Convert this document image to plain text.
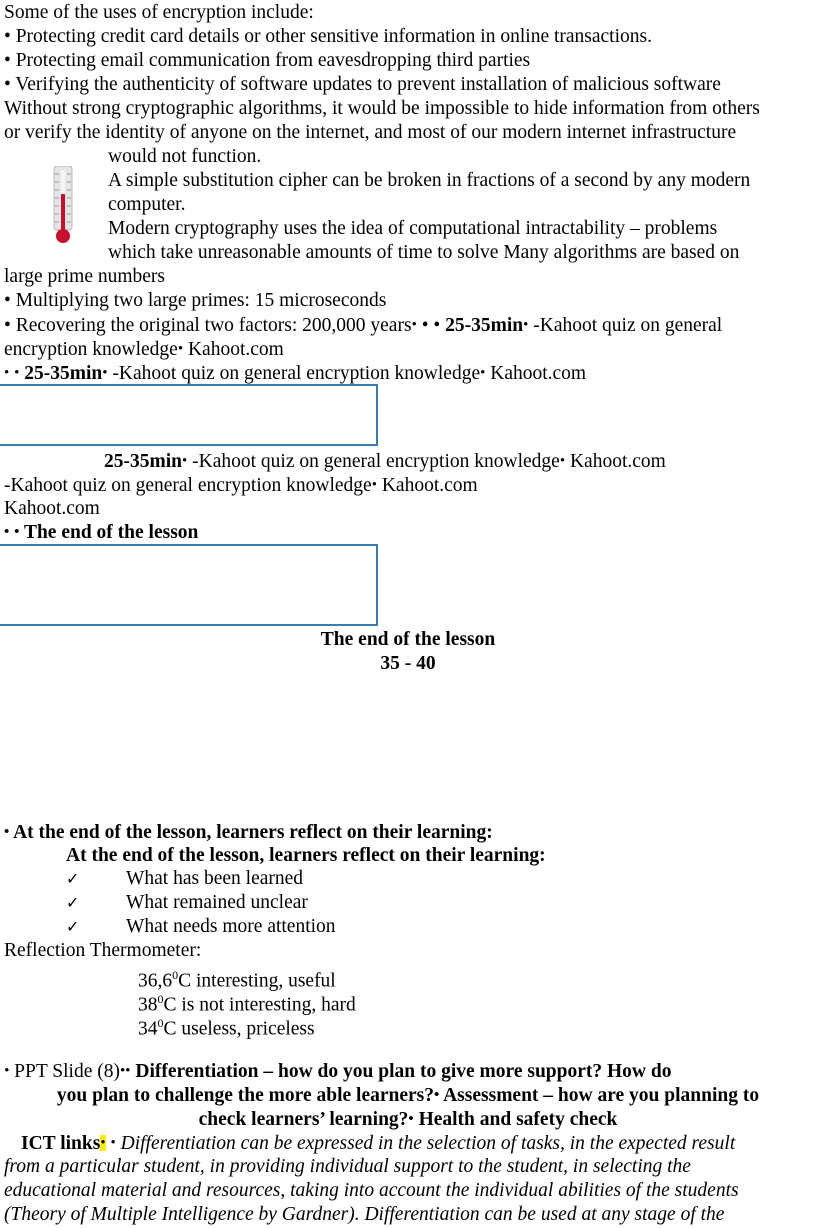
Some of the uses of encryption include:
• Protecting credit card details or other sensitive information in online transactions.
• Protecting email communication from eavesdropping third parties
• Verifying the authenticity of software updates to prevent installation of malicious software
Without strong cryptographic algorithms, it would be impossible to hide information from others
or verify the identity of anyone on the internet, and most of our modern internet infrastructure
would not function.
A simple substitution cipher can be broken in fractions of a second by any modern
computer.
Modern cryptography uses the idea of computational intractability – problems
which take unreasonable amounts of time to solve Many algorithms are based on
large prime numbers
• Multiplying two large primes: 15 microseconds
• Recovering the original two factors: 200,000 years• • • 25-35min• -Kahoot quiz on general
encryption knowledge• Kahoot.com
• • 25-35min• -Kahoot quiz on general encryption knowledge• Kahoot.com
25-35min• -Kahoot quiz on general encryption knowledge• Kahoot.com
-Kahoot quiz on general encryption knowledge• Kahoot.com
Kahoot.com
• • The end of the lesson
The end of the lesson
35 - 40
• At the end of the lesson, learners reflect on their learning:
At the end of the lesson, learners reflect on their learning:
✓ What has been learned
✓ What remained unclear
✓ What needs more attention
Reflection Thermometer:
36,6$^0$C interesting, useful
$38^0C$ is not interesting, hard
$34^0C$ useless, priceless
• PPT Slide (8)•• Differentiation – how do you plan to give more support? How do
you plan to challenge the more able learners?• Assessment – how are you planning to
check learners’ learning?• Health and safety check
ICT links• • Differentiation can be expressed in the selection of tasks, in the expected result
from a particular student, in providing individual support to the student, in selecting the
educational material and resources, taking into account the individual abilities of the students
(Theory of Multiple Intelligence by Gardner). Differentiation can be used at any stage of the
